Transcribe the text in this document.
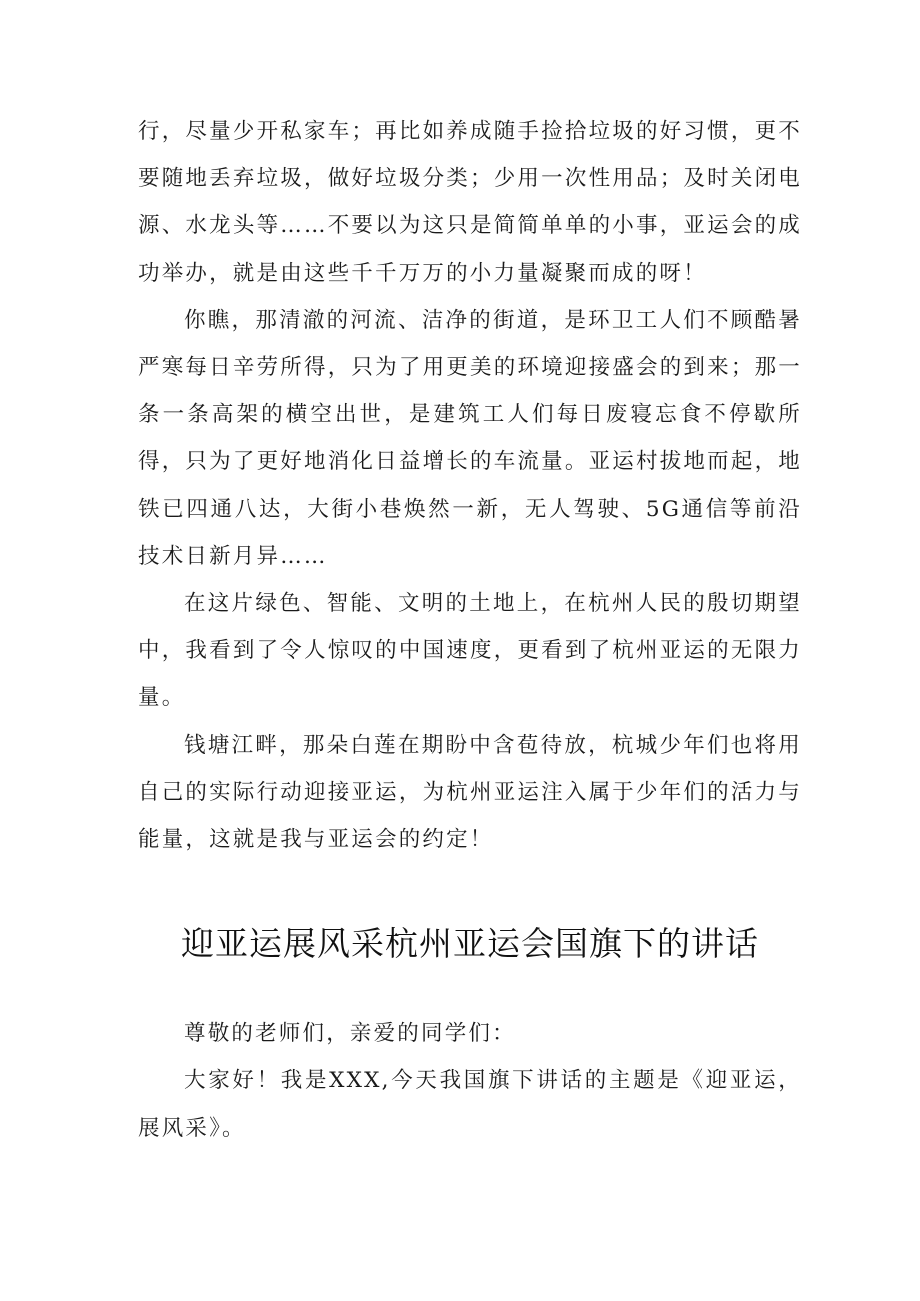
行，尽量少开私家车；再比如养成随手捡拾垃圾的好习惯，更不要随地丢弃垃圾，做好垃圾分类；少用一次性用品；及时关闭电源、水龙头等……不要以为这只是简简单单的小事，亚运会的成功举办，就是由这些千千万万的小力量凝聚而成的呀！

你瞧，那清澈的河流、洁净的街道，是环卫工人们不顾酷暑严寒每日辛劳所得，只为了用更美的环境迎接盛会的到来；那一条一条高架的横空出世，是建筑工人们每日废寝忘食不停歇所得，只为了更好地消化日益增长的车流量。亚运村拔地而起，地铁已四通八达，大街小巷焕然一新，无人驾驶、5G通信等前沿技术日新月异……

在这片绿色、智能、文明的土地上，在杭州人民的殷切期望中，我看到了令人惊叹的中国速度，更看到了杭州亚运的无限力量。

钱塘江畔，那朵白莲在期盼中含苞待放，杭城少年们也将用自己的实际行动迎接亚运，为杭州亚运注入属于少年们的活力与能量，这就是我与亚运会的约定！

迎亚运展风采杭州亚运会国旗下的讲话

尊敬的老师们，亲爱的同学们：

大家好！我是XXX,今天我国旗下讲话的主题是《迎亚运，展风采》。
